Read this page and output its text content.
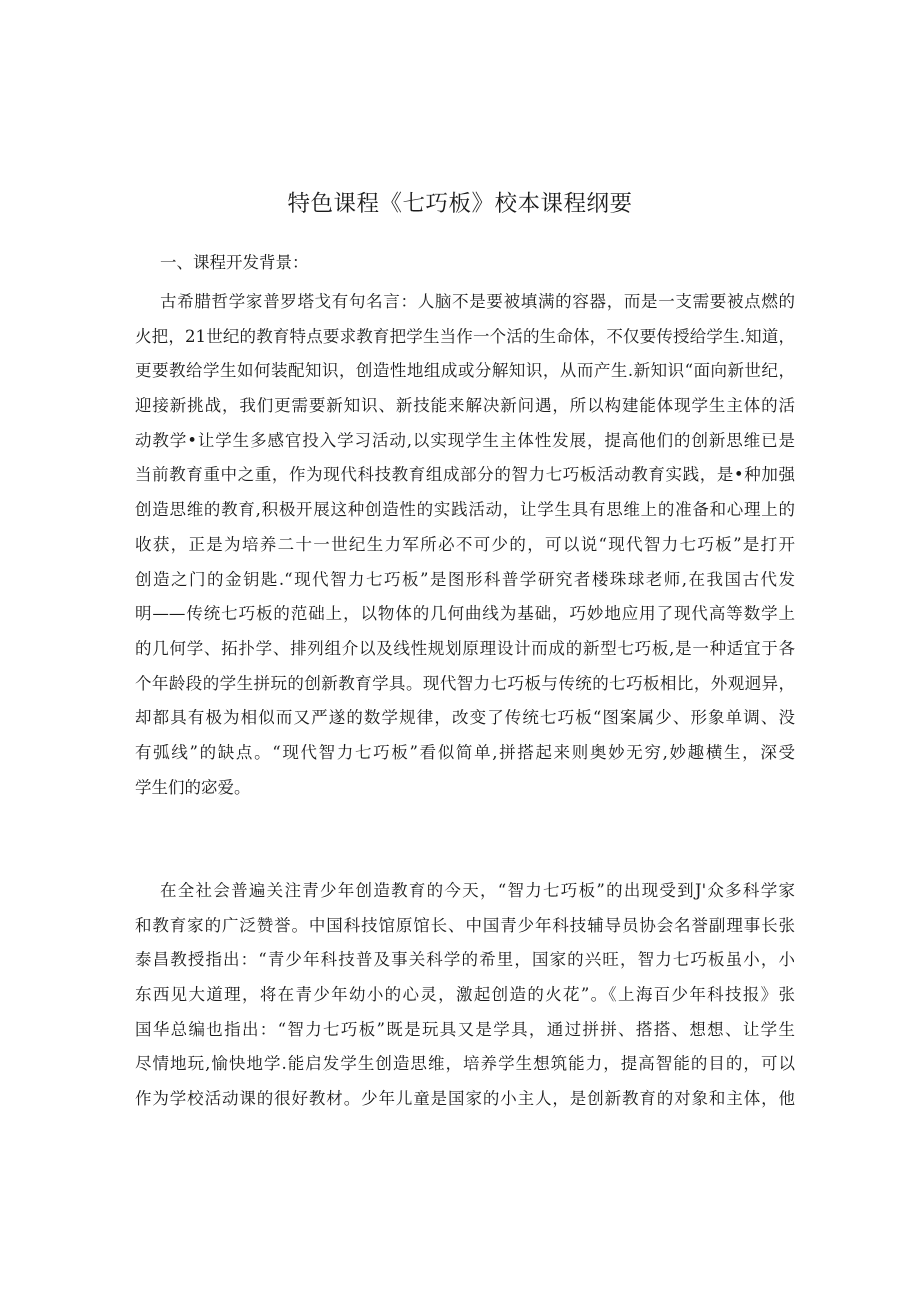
特色课程《七巧板》校本课程纲要
一、课程开发背景：
古希腊哲学家普罗塔戈有句名言：人脑不是要被填满的容器，而是一支需要被点燃的
火把，21世纪的教育特点要求教育把学生当作一个活的生命体，不仅要传授给学生.知道，
更要教给学生如何装配知识，创造性地组成或分解知识，从而产生.新知识“面向新世纪，
迎接新挑战，我们更需要新知识、新技能来解决新问遇，所以构建能体现学生主体的活
动教学•让学生多感官投入学习活动,以实现学生主体性发展，提高他们的创新思维已是
当前教育重中之重，作为现代科技教育组成部分的智力七巧板活动教育实践，是•种加强
创造思维的教育,积极开展这种创造性的实践活动，让学生具有思维上的准备和心理上的
收获，正是为培养二十一世纪生力军所必不可少的，可以说“现代智力七巧板”是打开
创造之门的金钥匙.“现代智力七巧板”是图形科普学研究者楼珠球老师,在我国古代发
明——传统七巧板的范础上，以物体的几何曲线为基础，巧妙地应用了现代高等数学上
的几何学、拓扑学、排列组介以及线性规划原理设计而成的新型七巧板,是一种适宜于各
个年龄段的学生拼玩的创新教育学具。现代智力七巧板与传统的七巧板相比，外观迥异，
却都具有极为相似而又严遂的数学规律，改变了传统七巧板“图案属少、形象单调、没
有弧线”的缺点。“现代智力七巧板”看似简单,拼搭起来则奥妙无穷,妙趣横生，深受
学生们的宓爱。
在全社会普遍关注青少年创造教育的今天，“智力七巧板”的出现受到J'众多科学家
和教育家的广泛赞誉。中国科技馆原馆长、中国青少年科技辅导员协会名誉副理事长张
泰昌教授指出：“青少年科技普及事关科学的希里，国家的兴旺，智力七巧板虽小，小
东西见大道理，将在青少年幼小的心灵，激起创造的火花”。《上海百少年科技报》张
国华总编也指出：“智力七巧板”既是玩具又是学具，通过拼拼、搭搭、想想、让学生
尽情地玩,愉快地学.能启发学生创造思维，培养学生想筑能力，提高智能的目的，可以
作为学校活动课的很好教材。少年儿童是国家的小主人，是创新教育的对象和主体，他
